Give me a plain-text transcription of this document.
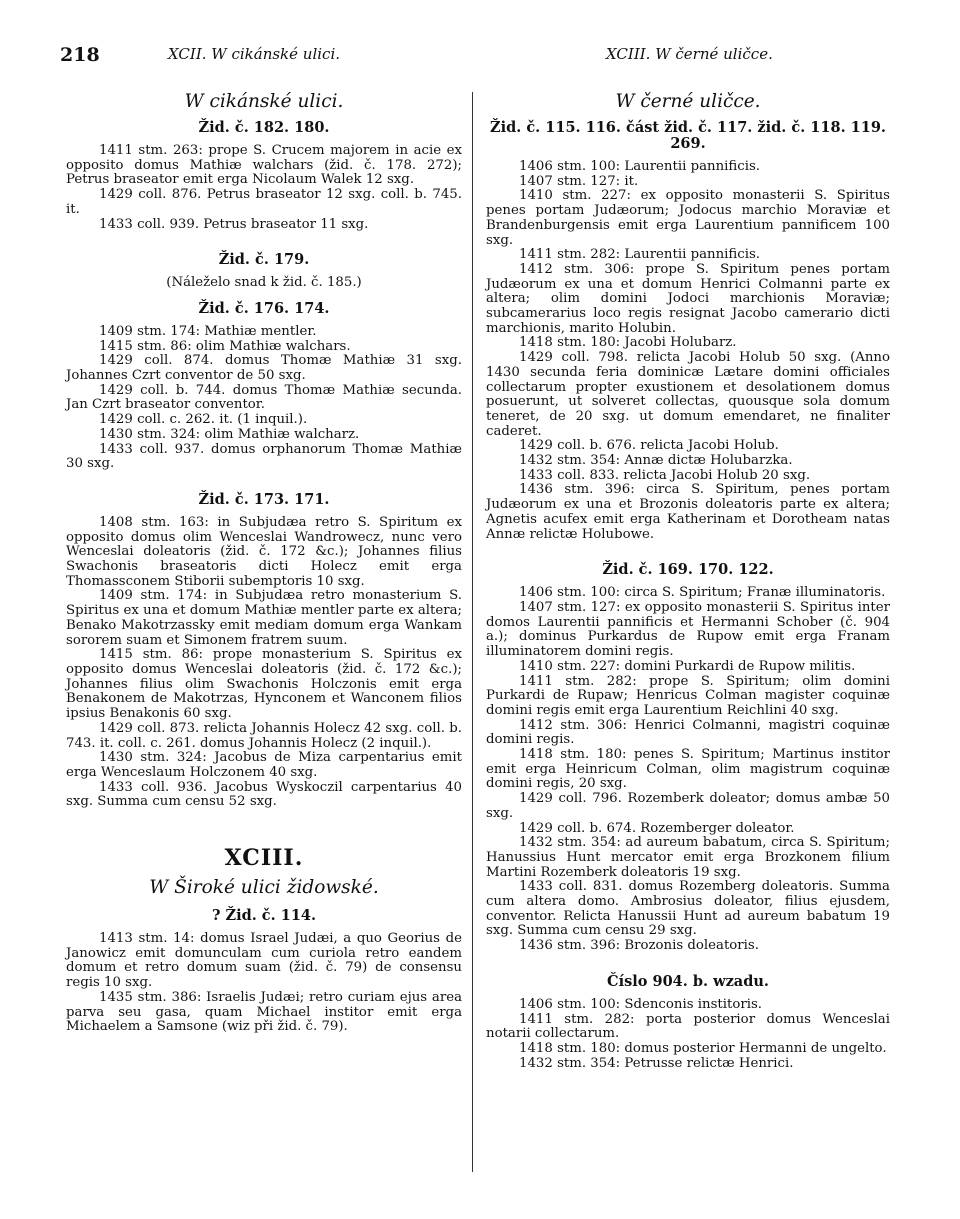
218	XCII. W cikánské ulici.	XCIII. W černé uličce.
W cikánské ulici.
Žid. č. 182. 180.

1411 stm. 263: prope S. Crucem majorem in acie ex opposito domus Mathiæ walchars (žid. č. 178. 272); Petrus braseator emit erga Nicolaum Walek 12 sxg.

1429 coll. 876. Petrus braseator 12 sxg. coll. b. 745. it.

1433 coll. 939. Petrus braseator 11 sxg.

Žid. č. 179.
(Náleželo snad k žid. č. 185.)
Žid. č. 176. 174.

1409 stm. 174: Mathiæ mentler.

1415 stm. 86: olim Mathiæ walchars.

1429 coll. 874. domus Thomæ Mathiæ 31 sxg. Johannes Czrt conventor de 50 sxg.

1429 coll. b. 744. domus Thomæ Mathiæ secunda. Jan Czrt braseator conventor.

1429 coll. c. 262. it. (1 inquil.).

1430 stm. 324: olim Mathiæ walcharz.

1433 coll. 937. domus orphanorum Thomæ Mathiæ 30 sxg.

Žid. č. 173. 171.

1408 stm. 163: in Subjudæa retro S. Spiritum ex opposito domus olim Wenceslai Wandrowecz, nunc vero Wenceslai doleatoris (žid. č. 172 &c.); Johannes filius Swachonis braseatoris dicti Holecz emit erga Thomassconem Stiborii subemptoris 10 sxg.

1409 stm. 174: in Subjudæa retro monasterium S. Spiritus ex una et domum Mathiæ mentler parte ex altera; Benako Makotrzassky emit mediam domum erga Wankam sororem suam et Simonem fratrem suum.

1415 stm. 86: prope monasterium S. Spiritus ex opposito domus Wenceslai doleatoris (žid. č. 172 &c.); Johannes filius olim Swachonis Holczonis emit erga Benakonem de Makotrzas, Hynconem et Wanconem filios ipsius Benakonis 60 sxg.

1429 coll. 873. relicta Johannis Holecz 42 sxg. coll. b. 743. it. coll. c. 261. domus Johannis Holecz (2 inquil.).

1430 stm. 324: Jacobus de Miza carpentarius emit erga Wenceslaum Holczonem 40 sxg.

1433 coll. 936. Jacobus Wyskoczil carpentarius 40 sxg. Summa cum censu 52 sxg.

XCIII.
W Široké ulici židowské.
? Žid. č. 114.

1413 stm. 14: domus Israel Judæi, a quo Georius de Janowicz emit domunculam cum curiola retro eandem domum et retro domum suam (žid. č. 79) de consensu regis 10 sxg.

1435 stm. 386: Israelis Judæi; retro curiam ejus area parva seu gasa, quam Michael institor emit erga Michaelem a Samsone (wiz při žid. č. 79).

W černé uličce.
Žid. č. 115. 116. část žid. č. 117. žid. č. 118. 119. 269.

1406 stm. 100: Laurentii pannificis.

1407 stm. 127: it.

1410 stm. 227: ex opposito monasterii S. Spiritus penes portam Judæorum; Jodocus marchio Moraviæ et Brandenburgensis emit erga Laurentium pannificem 100 sxg.

1411 stm. 282: Laurentii pannificis.

1412 stm. 306: prope S. Spiritum penes portam Judæorum ex una et domum Henrici Colmanni parte ex altera; olim domini Jodoci marchionis Moraviæ; subcamerarius loco regis resignat Jacobo camerario dicti marchionis, marito Holubin.

1418 stm. 180: Jacobi Holubarz.

1429 coll. 798. relicta Jacobi Holub 50 sxg. (Anno 1430 secunda feria dominicæ Lætare domini officiales collectarum propter exustionem et desolationem domus posuerunt, ut solveret collectas, quousque sola domum teneret, de 20 sxg. ut domum emendaret, ne finaliter caderet.

1429 coll. b. 676. relicta Jacobi Holub.

1432 stm. 354: Annæ dictæ Holubarzka.

1433 coll. 833. relicta Jacobi Holub 20 sxg.

1436 stm. 396: circa S. Spiritum, penes portam Judæorum ex una et Brozonis doleatoris parte ex altera; Agnetis acufex emit erga Katherinam et Dorotheam natas Annæ relictæ Holubowe.

Žid. č. 169. 170. 122.

1406 stm. 100: circa S. Spiritum; Franæ illuminatoris.

1407 stm. 127: ex opposito monasterii S. Spiritus inter domos Laurentii pannificis et Hermanni Schober (č. 904 a.); dominus Purkardus de Rupow emit erga Franam illuminatorem domini regis.

1410 stm. 227: domini Purkardi de Rupow militis.

1411 stm. 282: prope S. Spiritum; olim domini Purkardi de Rupaw; Henricus Colman magister coquinæ domini regis emit erga Laurentium Reichlini 40 sxg.

1412 stm. 306: Henrici Colmanni, magistri coquinæ domini regis.

1418 stm. 180: penes S. Spiritum; Martinus institor emit erga Heinricum Colman, olim magistrum coquinæ domini regis, 20 sxg.

1429 coll. 796. Rozemberk doleator; domus ambæ 50 sxg.

1429 coll. b. 674. Rozemberger doleator.

1432 stm. 354: ad aureum babatum, circa S. Spiritum; Hanussius Hunt mercator emit erga Brozkonem filium Martini Rozemberk doleatoris 19 sxg.

1433 coll. 831. domus Rozemberg doleatoris. Summa cum altera domo. Ambrosius doleator, filius ejusdem, conventor. Relicta Hanussii Hunt ad aureum babatum 19 sxg. Summa cum censu 29 sxg.

1436 stm. 396: Brozonis doleatoris.

Číslo 904. b. wzadu.

1406 stm. 100: Sdenconis institoris.

1411 stm. 282: porta posterior domus Wenceslai notarii collectarum.

1418 stm. 180: domus posterior Hermanni de ungelto.

1432 stm. 354: Petrusse relictæ Henrici.
